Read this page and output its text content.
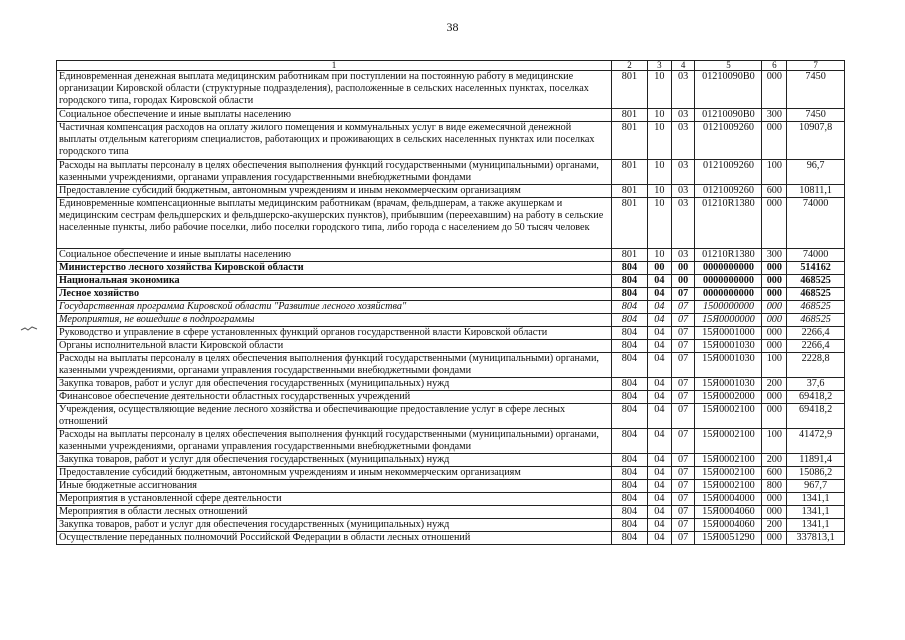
38
1	2	3	4	5	6	7
Единовременная денежная выплата медицинским работникам при поступлении на постоянную работу в медицинские организации Кировской области (структурные подразделения), расположенные в сельских населенных пунктах, поселках городского типа, городах Кировской области	801	10	03	01210090В0	000	7450
Социальное обеспечение и иные выплаты населению	801	10	03	01210090В0	300	7450
Частичная компенсация расходов на оплату жилого помещения и коммунальных услуг в виде ежемесячной денежной выплаты отдельным категориям специалистов, работающих и проживающих в сельских населенных пунктах или поселках городского типа	801	10	03	0121009260	000	10907,8
Расходы на выплаты персоналу в целях обеспечения выполнения функций государственными (муниципальными) органами, казенными учреждениями, органами управления государственными внебюджетными фондами	801	10	03	0121009260	100	96,7
Предоставление субсидий бюджетным, автономным учреждениям и иным некоммерческим организациям	801	10	03	0121009260	600	10811,1
Единовременные компенсационные выплаты медицинским работникам (врачам, фельдшерам, а также акушеркам и медицинским сестрам фельдшерских и фельдшерско-акушерских пунктов), прибывшим (переехавшим) на работу в сельские населенные пункты, либо рабочие поселки, либо поселки городского типа, либо города с населением до 50 тысяч человек	801	10	03	01210R1380	000	74000
Социальное обеспечение и иные выплаты населению	801	10	03	01210R1380	300	74000
Министерство лесного хозяйства Кировской области	804	00	00	0000000000	000	514162
Национальная экономика	804	04	00	0000000000	000	468525
Лесное хозяйство	804	04	07	0000000000	000	468525
Государственная программа Кировской области "Развитие лесного хозяйства"	804	04	07	1500000000	000	468525
Мероприятия, не вошедшие в подпрограммы	804	04	07	15Я0000000	000	468525
Руководство и управление в сфере установленных функций органов государственной власти Кировской области	804	04	07	15Я0001000	000	2266,4
Органы исполнительной власти Кировской области	804	04	07	15Я0001030	000	2266,4
Расходы на выплаты персоналу в целях обеспечения выполнения функций государственными (муниципальными) органами, казенными учреждениями, органами управления государственными внебюджетными фондами	804	04	07	15Я0001030	100	2228,8
Закупка товаров, работ и услуг для обеспечения государственных (муниципальных) нужд	804	04	07	15Я0001030	200	37,6
Финансовое обеспечение деятельности областных государственных учреждений	804	04	07	15Я0002000	000	69418,2
Учреждения, осуществляющие ведение лесного хозяйства и обеспечивающие предоставление услуг в сфере лесных отношений	804	04	07	15Я0002100	000	69418,2
Расходы на выплаты персоналу в целях обеспечения выполнения функций государственными (муниципальными) органами, казенными учреждениями, органами управления государственными внебюджетными фондами	804	04	07	15Я0002100	100	41472,9
Закупка товаров, работ и услуг для обеспечения государственных (муниципальных) нужд	804	04	07	15Я0002100	200	11891,4
Предоставление субсидий бюджетным, автономным учреждениям и иным некоммерческим организациям	804	04	07	15Я0002100	600	15086,2
Иные бюджетные ассигнования	804	04	07	15Я0002100	800	967,7
Мероприятия в установленной сфере деятельности	804	04	07	15Я0004000	000	1341,1
Мероприятия в области лесных отношений	804	04	07	15Я0004060	000	1341,1
Закупка товаров, работ и услуг для обеспечения государственных (муниципальных) нужд	804	04	07	15Я0004060	200	1341,1
Осуществление переданных полномочий Российской Федерации в области лесных отношений	804	04	07	15Я0051290	000	337813,1
